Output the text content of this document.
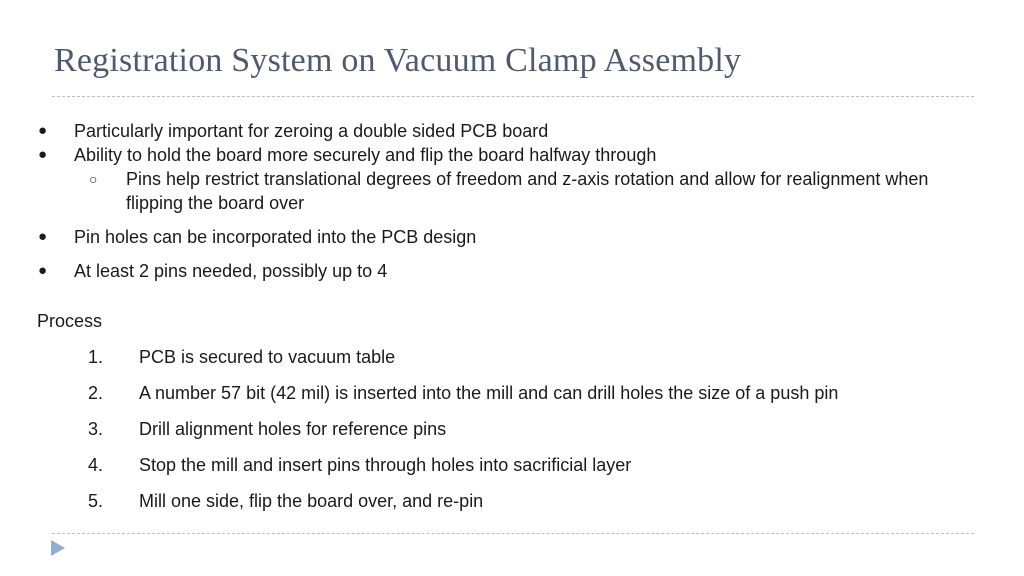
Registration System on Vacuum Clamp Assembly
● Particularly important for zeroing a double sided PCB board
● Ability to hold the board more securely and flip the board halfway through
○ Pins help restrict translational degrees of freedom and z-axis rotation and allow for realignment when flipping the board over
● Pin holes can be incorporated into the PCB design
● At least 2 pins needed, possibly up to 4
Process
1. PCB is secured to vacuum table
2. A number 57 bit (42 mil) is inserted into the mill and can drill holes the size of a push pin
3. Drill alignment holes for reference pins
4. Stop the mill and insert pins through holes into sacrificial layer
5. Mill one side, flip the board over, and re-pin
